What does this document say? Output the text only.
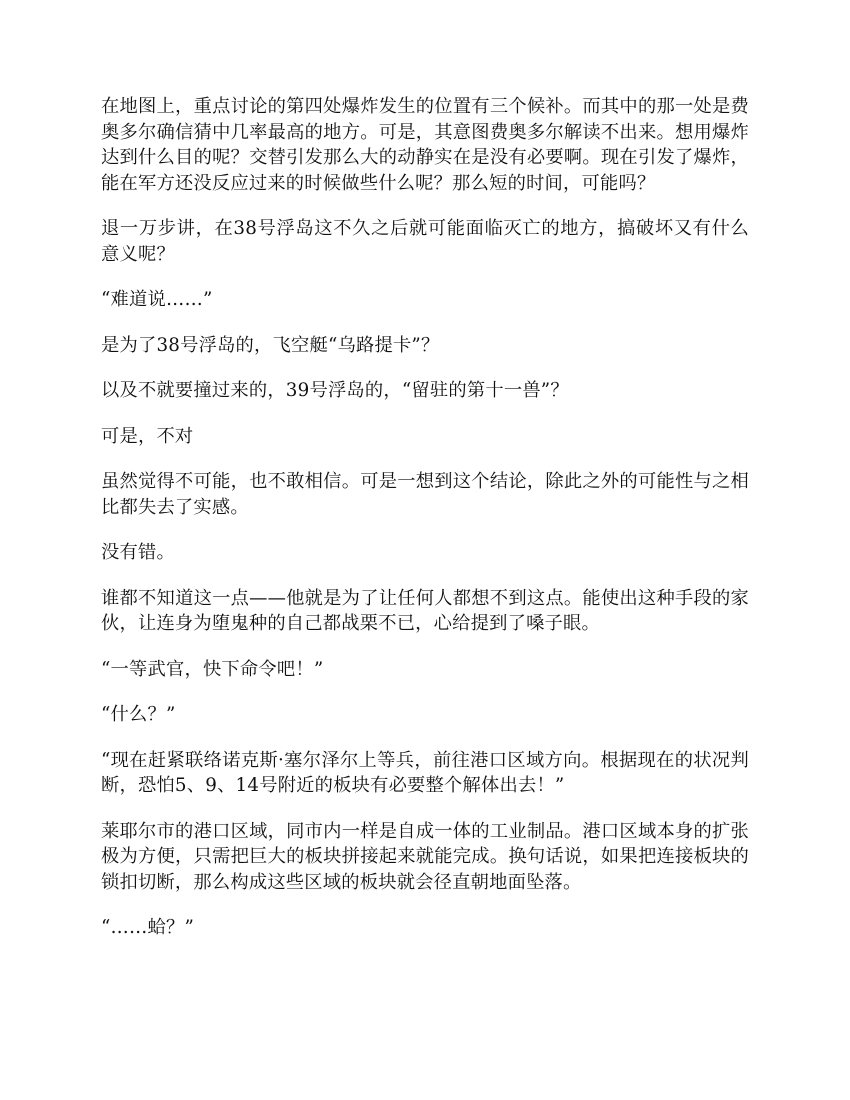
在地图上，重点讨论的第四处爆炸发生的位置有三个候补。而其中的那一处是费奥多尔确信猜中几率最高的地方。可是，其意图费奥多尔解读不出来。想用爆炸达到什么目的呢？交替引发那么大的动静实在是没有必要啊。现在引发了爆炸，能在军方还没反应过来的时候做些什么呢？那么短的时间，可能吗？

退一万步讲，在38号浮岛这不久之后就可能面临灭亡的地方，搞破坏又有什么意义呢？

“难道说……”

是为了38号浮岛的，飞空艇“乌路提卡”？

以及不就要撞过来的，39号浮岛的，“留驻的第十一兽”？

可是，不对

虽然觉得不可能，也不敢相信。可是一想到这个结论，除此之外的可能性与之相比都失去了实感。

没有错。

谁都不知道这一点——他就是为了让任何人都想不到这点。能使出这种手段的家伙，让连身为堕鬼种的自己都战栗不已，心给提到了嗓子眼。

“一等武官，快下命令吧！”

“什么？”

“现在赶紧联络诺克斯·塞尔泽尔上等兵，前往港口区域方向。根据现在的状况判断，恐怕5、9、14号附近的板块有必要整个解体出去！”

莱耶尔市的港口区域，同市内一样是自成一体的工业制品。港口区域本身的扩张极为方便，只需把巨大的板块拼接起来就能完成。换句话说，如果把连接板块的锁扣切断，那么构成这些区域的板块就会径直朝地面坠落。

“……蛤？”
